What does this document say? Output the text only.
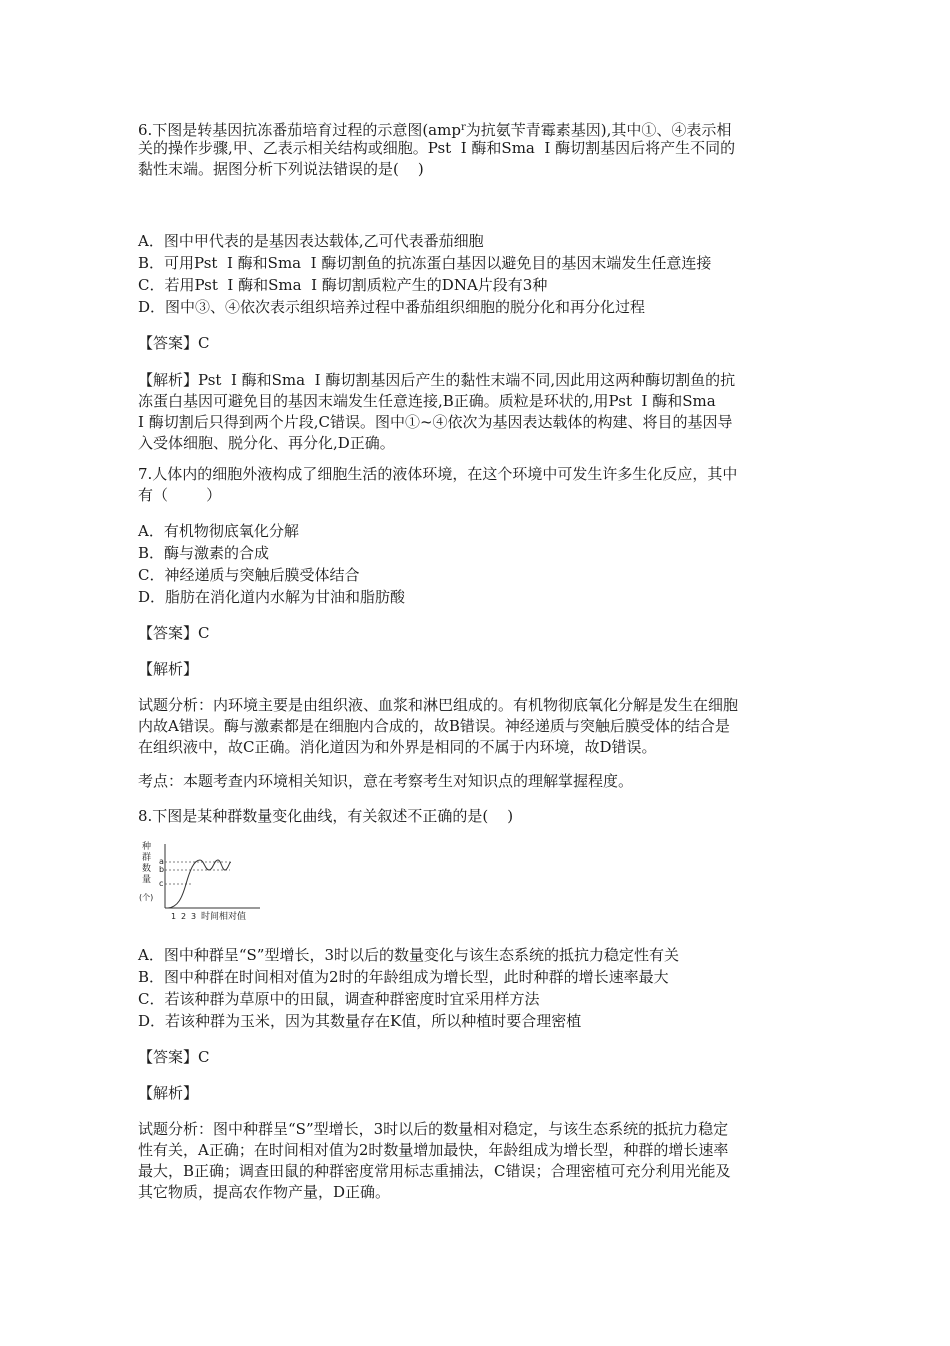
6.下图是转基因抗冻番茄培育过程的示意图(amp$^r$为抗氨苄青霉素基因),其中①、④表示相
关的操作步骤,甲、乙表示相关结构或细胞。Pst  Ⅰ 酶和Sma  Ⅰ 酶切割基因后将产生不同的
黏性末端。据图分析下列说法错误的是(    )
A．图中甲代表的是基因表达载体,乙可代表番茄细胞
B．可用Pst  Ⅰ 酶和Sma  Ⅰ 酶切割鱼的抗冻蛋白基因以避免目的基因末端发生任意连接
C．若用Pst  Ⅰ 酶和Sma  Ⅰ 酶切割质粒产生的DNA片段有3种
D．图中③、④依次表示组织培养过程中番茄组织细胞的脱分化和再分化过程
【答案】C
【解析】Pst  Ⅰ 酶和Sma  Ⅰ 酶切割基因后产生的黏性末端不同,因此用这两种酶切割鱼的抗
冻蛋白基因可避免目的基因末端发生任意连接,B正确。质粒是环状的,用Pst  Ⅰ 酶和Sma
Ⅰ 酶切割后只得到两个片段,C错误。图中①~④依次为基因表达载体的构建、将目的基因导
入受体细胞、脱分化、再分化,D正确。
7.人体内的细胞外液构成了细胞生活的液体环境，在这个环境中可发生许多生化反应，其中
有（        ）
A．有机物彻底氧化分解
B．酶与激素的合成
C．神经递质与突触后膜受体结合
D．脂肪在消化道内水解为甘油和脂肪酸
【答案】C
【解析】
试题分析：内环境主要是由组织液、血浆和淋巴组成的。有机物彻底氧化分解是发生在细胞
内故A错误。酶与激素都是在细胞内合成的，故B错误。神经递质与突触后膜受体的结合是
在组织液中，故C正确。消化道因为和外界是相同的不属于内环境，故D错误。
考点：本题考查内环境相关知识，意在考察考生对知识点的理解掌握程度。
8.下图是某种群数量变化曲线，有关叙述不正确的是(    )
种
群
数
量
(个)
a
b
c
1 2 3 时间相对值
A．图中种群呈“S”型增长，3时以后的数量变化与该生态系统的抵抗力稳定性有关
B．图中种群在时间相对值为2时的年龄组成为增长型，此时种群的增长速率最大
C．若该种群为草原中的田鼠，调查种群密度时宜采用样方法
D．若该种群为玉米，因为其数量存在K值，所以种植时要合理密植
【答案】C
【解析】
试题分析：图中种群呈“S”型增长，3时以后的数量相对稳定，与该生态系统的抵抗力稳定
性有关，A正确；在时间相对值为2时数量增加最快，年龄组成为增长型，种群的增长速率
最大，B正确；调查田鼠的种群密度常用标志重捕法，C错误；合理密植可充分利用光能及
其它物质，提高农作物产量，D正确。
